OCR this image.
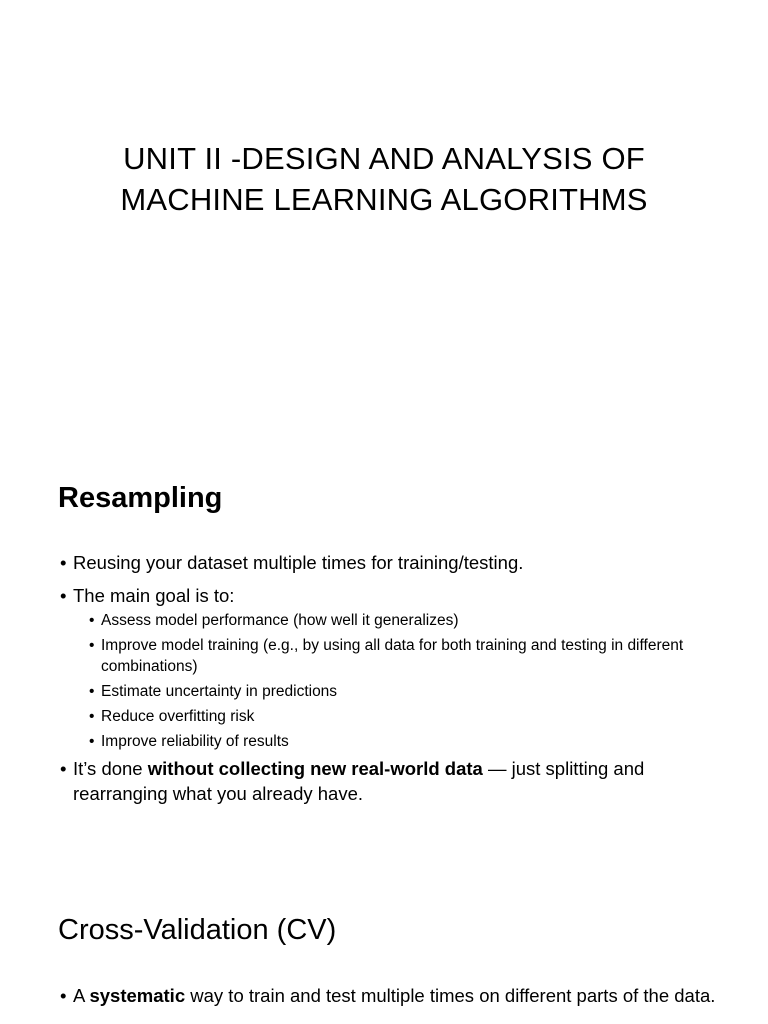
UNIT II -DESIGN AND ANALYSIS OF
MACHINE LEARNING ALGORITHMS
Resampling
• Reusing your dataset multiple times for training/testing.
• The main goal is to:
• Assess model performance (how well it generalizes)
• Improve model training (e.g., by using all data for both training and testing in different combinations)
• Estimate uncertainty in predictions
• Reduce overfitting risk
• Improve reliability of results
• It’s done without collecting new real-world data — just splitting and rearranging what you already have.
Cross-Validation (CV)
• A systematic way to train and test multiple times on different parts of the data.
